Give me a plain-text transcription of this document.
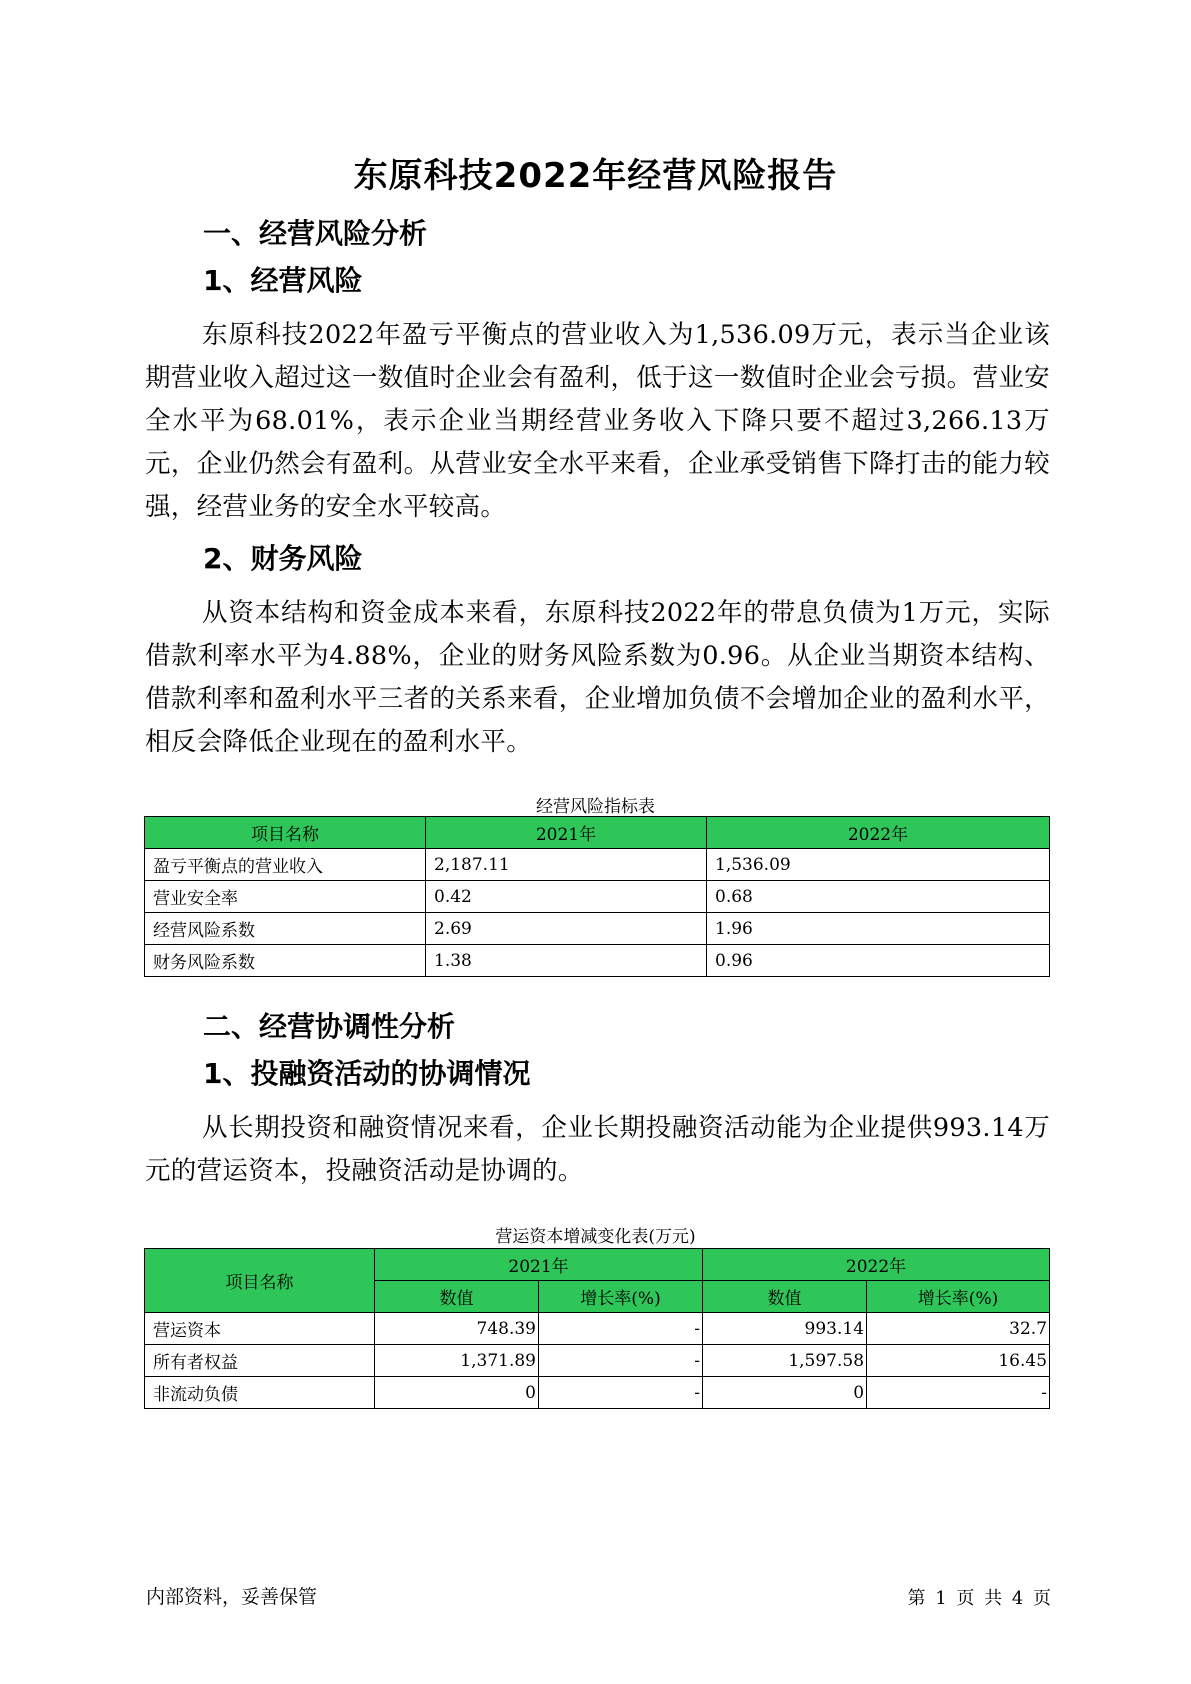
东原科技2022年经营风险报告
一、经营风险分析
1、经营风险

东原科技2022年盈亏平衡点的营业收入为1,536.09万元，表示当企业该期营业收入超过这一数值时企业会有盈利，低于这一数值时企业会亏损。营业安全水平为68.01%，表示企业当期经营业务收入下降只要不超过3,266.13万元，企业仍然会有盈利。从营业安全水平来看，企业承受销售下降打击的能力较强，经营业务的安全水平较高。

2、财务风险

从资本结构和资金成本来看，东原科技2022年的带息负债为1万元，实际借款利率水平为4.88%，企业的财务风险系数为0.96。从企业当期资本结构、借款利率和盈利水平三者的关系来看，企业增加负债不会增加企业的盈利水平，相反会降低企业现在的盈利水平。

经营风险指标表
项目名称	2021年	2022年
盈亏平衡点的营业收入	2,187.11	1,536.09
营业安全率	0.42	0.68
经营风险系数	2.69	1.96
财务风险系数	1.38	0.96
二、经营协调性分析
1、投融资活动的协调情况

从长期投资和融资情况来看，企业长期投融资活动能为企业提供993.14万元的营运资本，投融资活动是协调的。

营运资本增减变化表(万元)
项目名称	2021年		2022年	
	数值	增长率(%)	数值	增长率(%)
营运资本	748.39	-	993.14	32.7
所有者权益	1,371.89	-	1,597.58	16.45
非流动负债	0	-	0	-
内部资料，妥善保管	第 1 页 共 4 页
